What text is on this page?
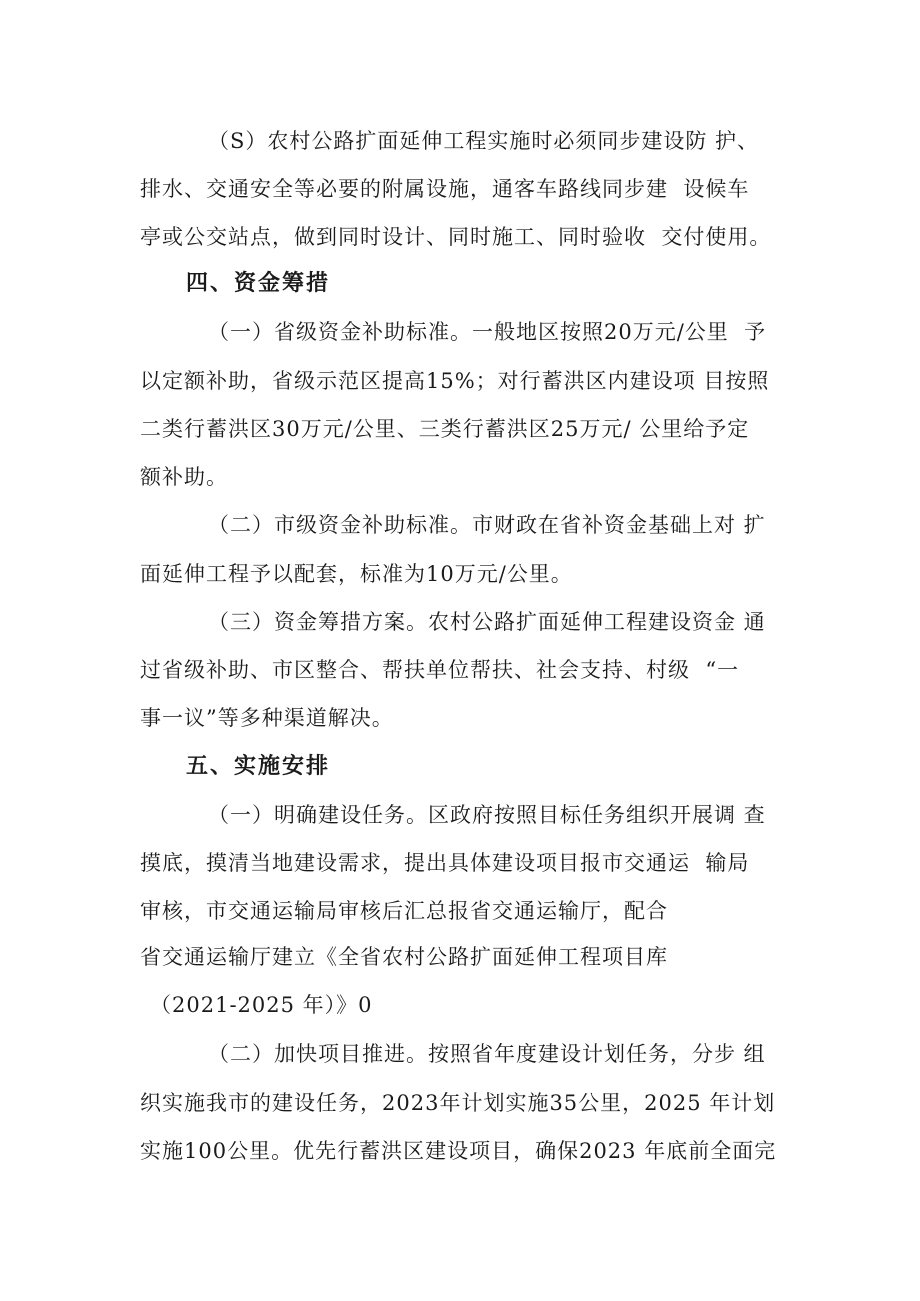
（S）农村公路扩面延伸工程实施时必须同步建设防 护、

排水、交通安全等必要的附属设施，通客车路线同步建  设候车

亭或公交站点，做到同时设计、同时施工、同时验收  交付使用。

四、资金筹措

（一）省级资金补助标准。一般地区按照20万元/公里  予

以定额补助，省级示范区提高15%；对行蓄洪区内建设项 目按照

二类行蓄洪区30万元/公里、三类行蓄洪区25万元/ 公里给予定

额补助。

（二）市级资金补助标准。市财政在省补资金基础上对 扩

面延伸工程予以配套，标准为10万元/公里。

（三）资金筹措方案。农村公路扩面延伸工程建设资金 通

过省级补助、市区整合、帮扶单位帮扶、社会支持、村级  “一

事一议”等多种渠道解决。

五、实施安排

（一）明确建设任务。区政府按照目标任务组织开展调 查

摸底，摸清当地建设需求，提出具体建设项目报市交通运  输局

审核，市交通运输局审核后汇总报省交通运输厅，配合

省交通运输厅建立《全省农村公路扩面延伸工程项目库

（2021-2025 年）》0

（二）加快项目推进。按照省年度建设计划任务，分步 组

织实施我市的建设任务，2023年计划实施35公里，2025 年计划

实施100公里。优先行蓄洪区建设项目，确保2023 年底前全面完
